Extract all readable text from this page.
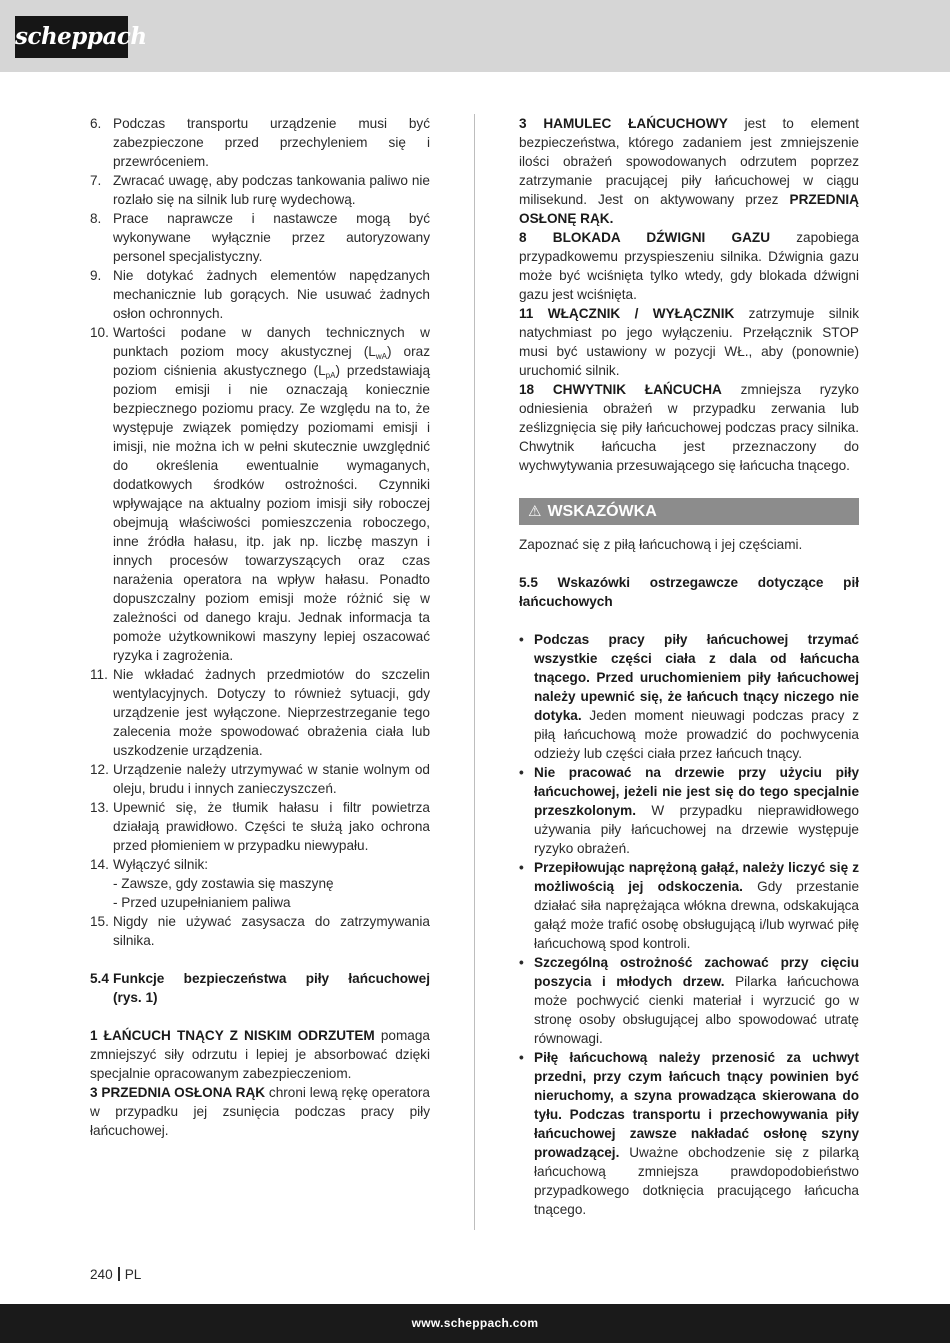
scheppach
6. Podczas transportu urządzenie musi być zabezpieczone przed przechyleniem się i przewróceniem.
7. Zwracać uwagę, aby podczas tankowania paliwo nie rozlało się na silnik lub rurę wydechową.
8. Prace naprawcze i nastawcze mogą być wykonywane wyłącznie przez autoryzowany personel specjalistyczny.
9. Nie dotykać żadnych elementów napędzanych mechanicznie lub gorących. Nie usuwać żadnych osłon ochronnych.
10. Wartości podane w danych technicznych w punktach poziom mocy akustycznej $(L_{wA})$ oraz poziom ciśnienia akustycznego $(L_{pA})$ przedstawiają poziom emisji i nie oznaczają koniecznie bezpiecznego poziomu pracy. Ze względu na to, że występuje związek pomiędzy poziomami emisji i imisji, nie można ich w pełni skutecznie uwzględnić do określenia ewentualnie wymaganych, dodatkowych środków ostrożności. Czynniki wpływające na aktualny poziom imisji siły roboczej obejmują właściwości pomieszczenia roboczego, inne źródła hałasu, itp. jak np. liczbę maszyn i innych procesów towarzyszących oraz czas narażenia operatora na wpływ hałasu. Ponadto dopuszczalny poziom emisji może różnić się w zależności od danego kraju. Jednak informacja ta pomoże użytkownikowi maszyny lepiej oszacować ryzyka i zagrożenia.
11. Nie wkładać żadnych przedmiotów do szczelin wentylacyjnych. Dotyczy to również sytuacji, gdy urządzenie jest wyłączone. Nieprzestrzeganie tego zalecenia może spowodować obrażenia ciała lub uszkodzenie urządzenia.
12. Urządzenie należy utrzymywać w stanie wolnym od oleju, brudu i innych zanieczyszczeń.
13. Upewnić się, że tłumik hałasu i filtr powietrza działają prawidłowo. Części te służą jako ochrona przed płomieniem w przypadku niewypału.
14. Wyłączyć silnik:
- Zawsze, gdy zostawia się maszynę
- Przed uzupełnianiem paliwa
15. Nigdy nie używać zasysacza do zatrzymywania silnika.
5.4 Funkcje bezpieczeństwa piły łańcuchowej
(rys. 1)

1 ŁAŃCUCH TNĄCY Z NISKIM ODRZUTEM pomaga zmniejszyć siły odrzutu i lepiej je absorbować dzięki specjalnie opracowanym zabezpieczeniom.

3 PRZEDNIA OSŁONA RĄK chroni lewą rękę operatora w przypadku jej zsunięcia podczas pracy piły łańcuchowej.

3 HAMULEC ŁAŃCUCHOWY jest to element bezpieczeństwa, którego zadaniem jest zmniejszenie ilości obrażeń spowodowanych odrzutem poprzez zatrzymanie pracującej piły łańcuchowej w ciągu milisekund. Jest on aktywowany przez PRZEDNIĄ OSŁONĘ RĄK.

8 BLOKADA DŹWIGNI GAZU zapobiega przypadkowemu przyspieszeniu silnika. Dźwignia gazu może być wciśnięta tylko wtedy, gdy blokada dźwigni gazu jest wciśnięta.

11 WŁĄCZNIK / WYŁĄCZNIK zatrzymuje silnik natychmiast po jego wyłączeniu. Przełącznik STOP musi być ustawiony w pozycji WŁ., aby (ponownie) uruchomić silnik.

18 CHWYTNIK ŁAŃCUCHA zmniejsza ryzyko odniesienia obrażeń w przypadku zerwania lub ześlizgnięcia się piły łańcuchowej podczas pracy silnika. Chwytnik łańcucha jest przeznaczony do wychwytywania przesuwającego się łańcucha tnącego.

⚠ WSKAZÓWKA

Zapoznać się z piłą łańcuchową i jej częściami.

5.5 Wskazówki ostrzegawcze dotyczące pił łańcuchowych

• Podczas pracy piły łańcuchowej trzymać wszystkie części ciała z dala od łańcucha tnącego. Przed uruchomieniem piły łańcuchowej należy upewnić się, że łańcuch tnący niczego nie dotyka. Jeden moment nieuwagi podczas pracy z piłą łańcuchową może prowadzić do pochwycenia odzieży lub części ciała przez łańcuch tnący.
• Nie pracować na drzewie przy użyciu piły łańcuchowej, jeżeli nie jest się do tego specjalnie przeszkolonym. W przypadku nieprawidłowego używania piły łańcuchowej na drzewie występuje ryzyko obrażeń.
• Przepiłowując naprężoną gałąź, należy liczyć się z możliwością jej odskoczenia. Gdy przestanie działać siła naprężająca włókna drewna, odskakująca gałąź może trafić osobę obsługującą i/lub wyrwać piłę łańcuchową spod kontroli.
• Szczególną ostrożność zachować przy cięciu poszycia i młodych drzew. Pilarka łańcuchowa może pochwycić cienki materiał i wyrzucić go w stronę osoby obsługującej albo spowodować utratę równowagi.
• Piłę łańcuchową należy przenosić za uchwyt przedni, przy czym łańcuch tnący powinien być nieruchomy, a szyna prowadząca skierowana do tyłu. Podczas transportu i przechowywania piły łańcuchowej zawsze nakładać osłonę szyny prowadzącej. Uważne obchodzenie się z pilarką łańcuchową zmniejsza prawdopodobieństwo przypadkowego dotknięcia pracującego łańcucha tnącego.
240 PL
www.scheppach.com
